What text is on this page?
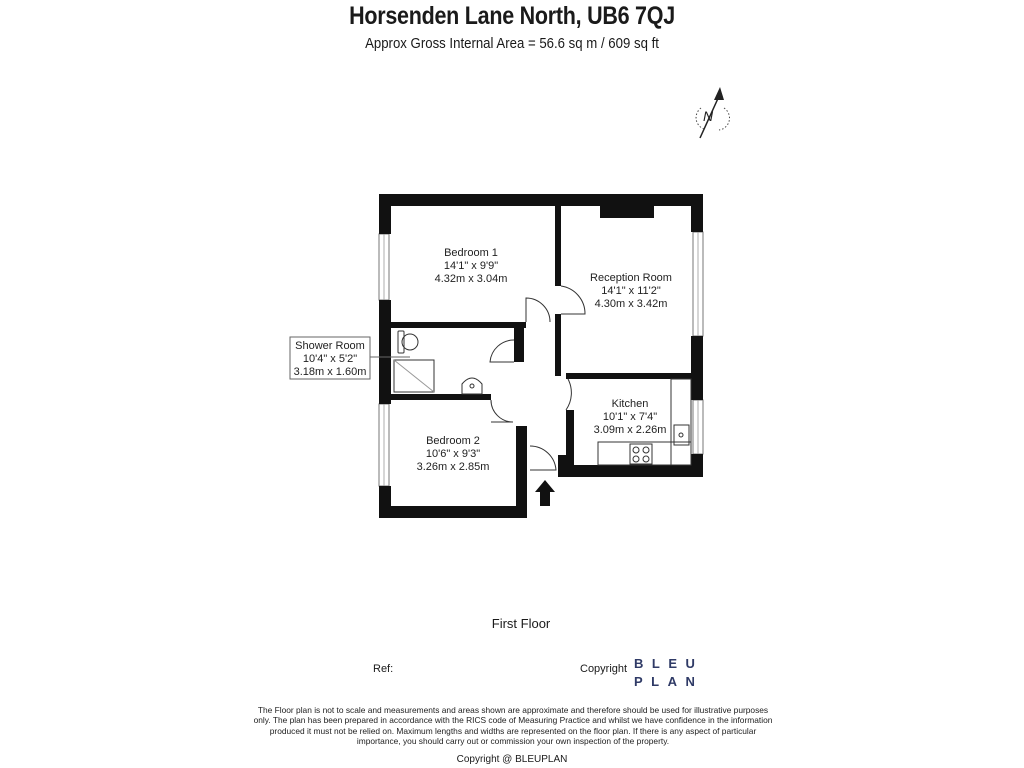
Horsenden Lane North, UB6 7QJ
Approx Gross Internal Area = 56.6 sq m / 609 sq ft
N
Shower Room
10'4" x 5'2"
3.18m x 1.60m
Bedroom 1
14'1" x 9'9"
4.32m x 3.04m	Reception Room
14'1" x 11'2"
4.30m x 3.42m
Kitchen
10'1" x 7'4"
3.09m x 2.26m
Bedroom 2
10'6" x 9'3"
3.26m x 2.85m
First Floor
Ref:	Copyright BLEU
PLAN
The Floor plan is not to scale and measurements and areas shown are approximate and therefore should be used for illustrative purposes only. The plan has been prepared in accordance with the RICS code of Measuring Practice and whilst we have confidence in the information produced it must not be relied on. Maximum lengths and widths are represented on the floor plan. If there is any aspect of particular importance, you should carry out or commission your own inspection of the property.
Copyright @ BLEUPLAN
